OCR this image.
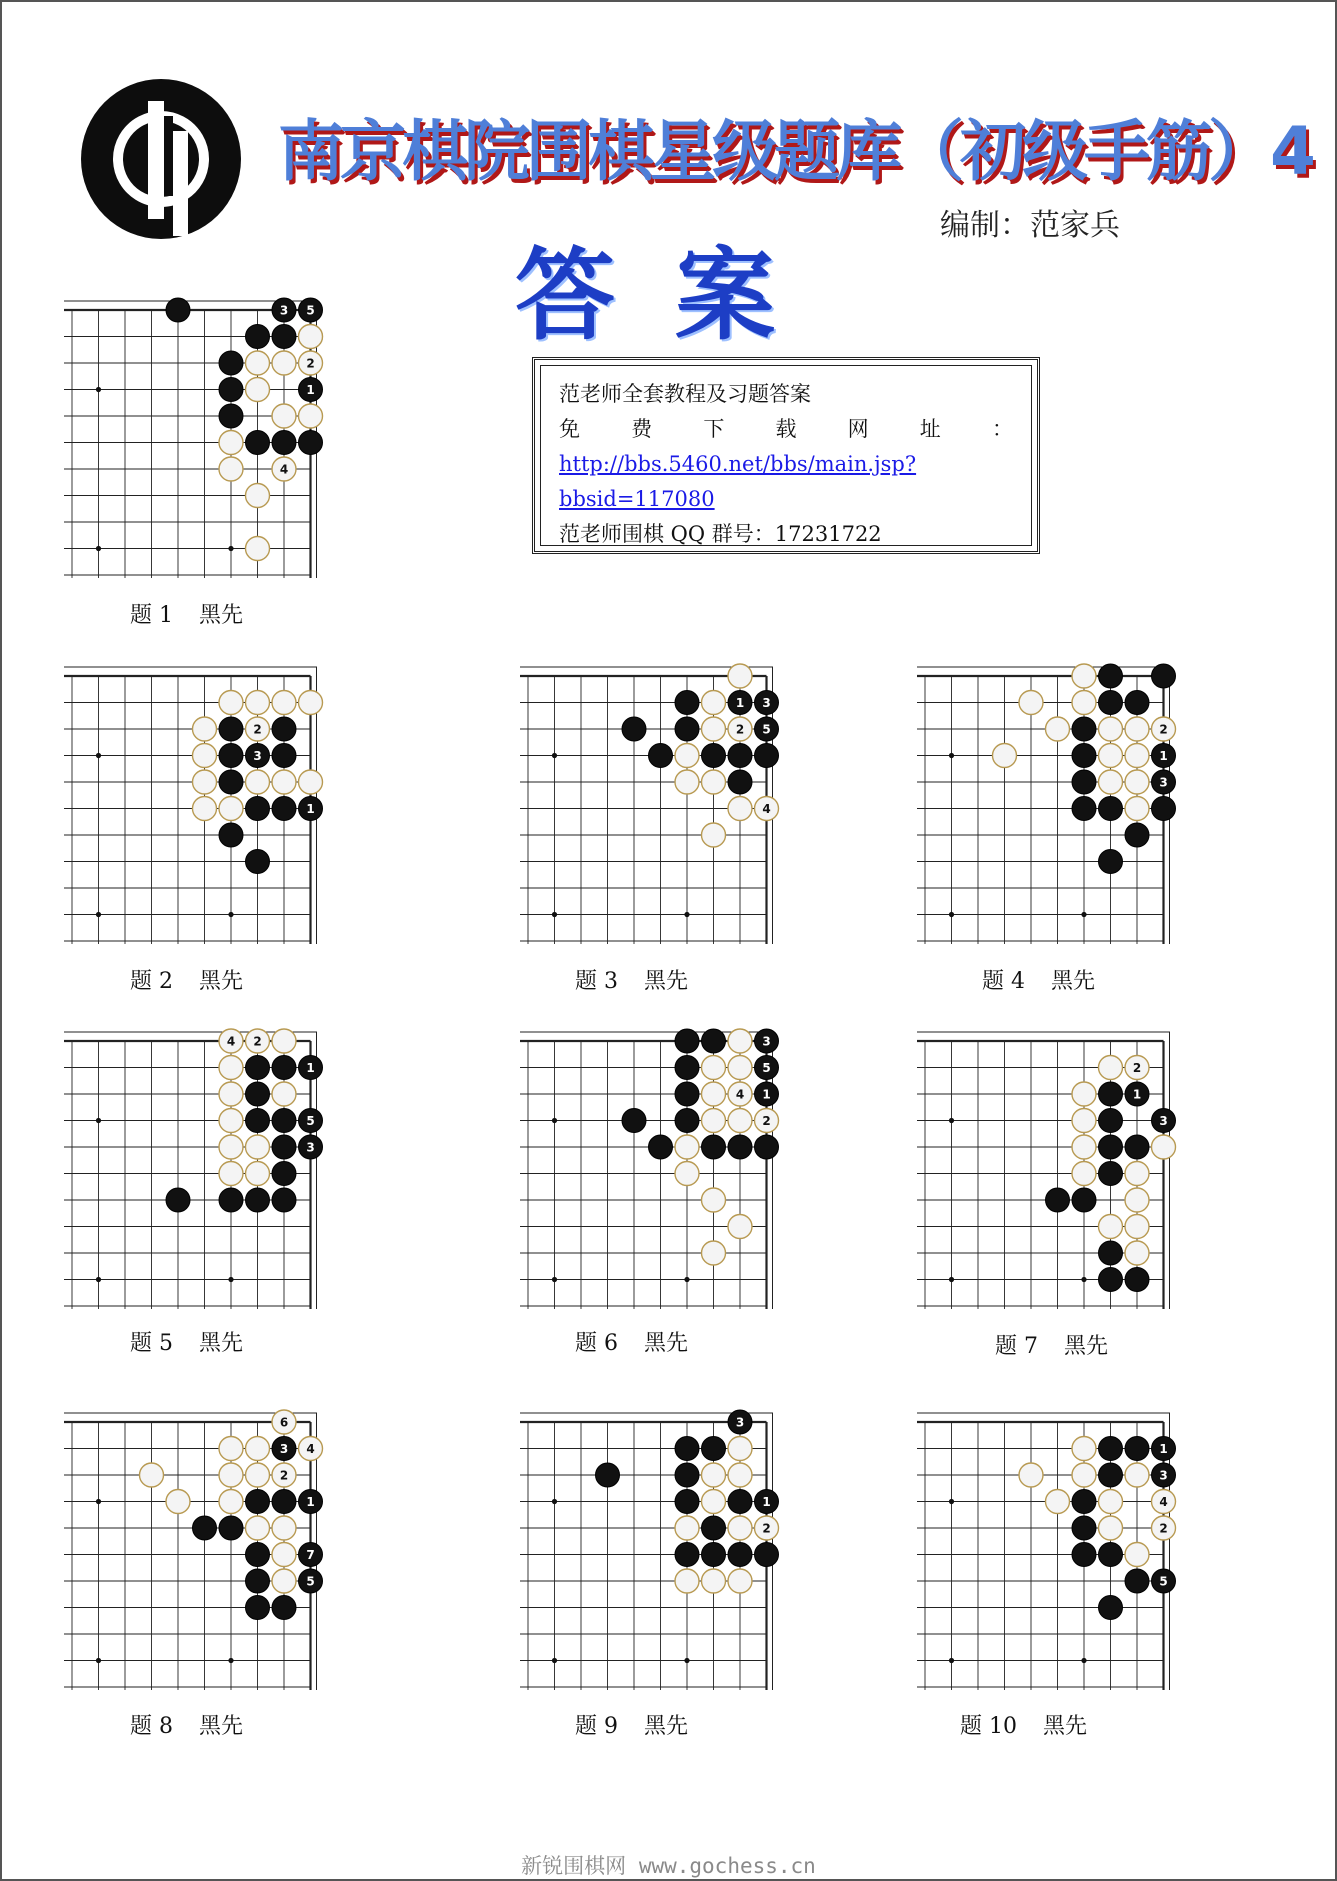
南京棋院围棋星级题库（初级手筋）4
编制：范家兵
答案
范老师全套教程及习题答案
免 费 下 载 网 址 ：
http://bbs.5460.net/bbs/main.jsp?bbsid=117080
范老师围棋 QQ 群号：17231722
3 5
2
1
4
2
3
1
1 3
2 5
4
2
1
3
4 2
1
5
3
3
5
4 1
2
2
1
3
6
3 4
2
1
7
5
3
1
2
1
3
4
2
5
题 1 黑先
题 2 黑先	题 3 黑先	题 4 黑先
题 5 黑先	题 6 黑先	题 7 黑先
题 8 黑先	题 9 黑先	题 10 黑先
新锐围棋网 www.gochess.cn
